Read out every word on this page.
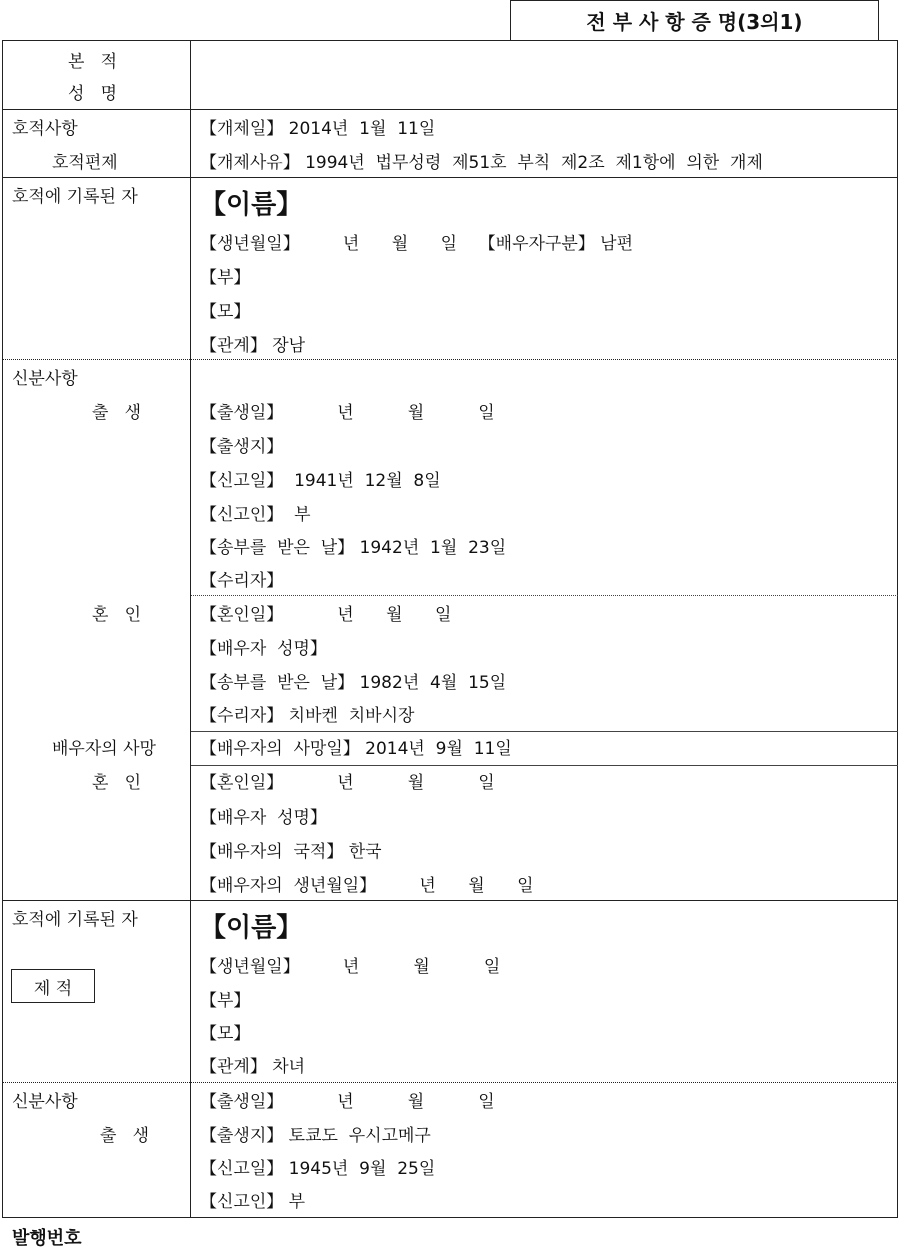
전 부 사 항 증 명(3의1)
본   적
성   명
호적사항
호적편제
호적에 기록된 자
신분사항
출   생
혼   인
배우자의 사망
혼   인
호적에 기록된 자
제 적
신분사항
출   생
【개제일】 2014년  1월  11일
【개제사유】 1994년  법무성령  제51호  부칙  제2조  제1항에  의한  개제
【이름】
【생년월일】        년      월      일    【배우자구분】 남편
【부】
【모】
【관계】 장남
【출생일】          년          월          일
【출생지】
【신고일】  1941년  12월  8일
【신고인】  부
【송부를  받은  날】 1942년  1월  23일
【수리자】
【혼인일】          년      월      일
【배우자  성명】
【송부를  받은  날】 1982년  4월  15일
【수리자】 치바켄  치바시장
【배우자의  사망일】 2014년  9월  11일
【혼인일】          년          월          일
【배우자  성명】
【배우자의  국적】 한국
【배우자의  생년월일】        년      월      일
【이름】
【생년월일】        년          월          일
【부】
【모】
【관계】 차녀
【출생일】          년          월          일
【출생지】 토쿄도  우시고메구
【신고일】 1945년  9월  25일
【신고인】 부
발행번호
